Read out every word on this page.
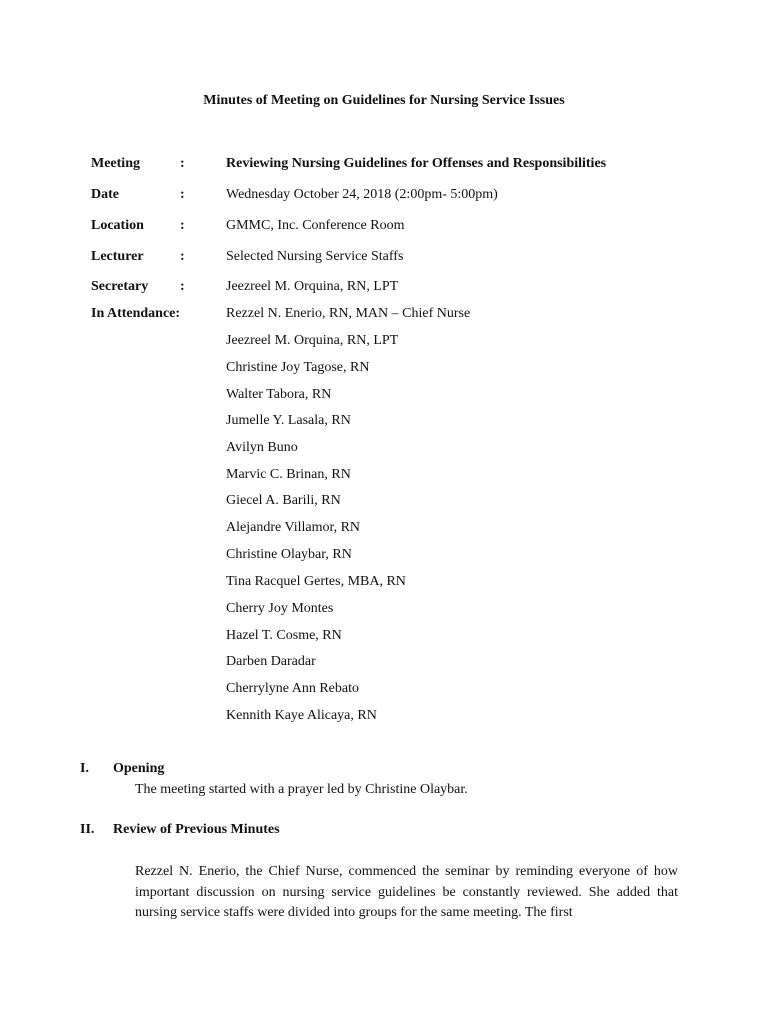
Minutes of Meeting on Guidelines for Nursing Service Issues
Meeting	:	Reviewing Nursing Guidelines for Offenses and Responsibilities
Date	:	Wednesday October 24, 2018 (2:00pm- 5:00pm)
Location	:	GMMC, Inc. Conference Room
Lecturer	:	Selected Nursing Service Staffs
Secretary :	Jeezreel M. Orquina, RN, LPT
In Attendance:	Rezzel N. Enerio, RN, MAN – Chief Nurse
Jeezreel M. Orquina, RN, LPT
Christine Joy Tagose, RN
Walter Tabora, RN
Jumelle Y. Lasala, RN
Avilyn Buno
Marvic C. Brinan, RN
Giecel A. Barili, RN
Alejandre Villamor, RN
Christine Olaybar, RN
Tina Racquel Gertes, MBA, RN
Cherry Joy Montes
Hazel T. Cosme, RN
Darben Daradar
Cherrylyne Ann Rebato
Kennith Kaye Alicaya, RN
I. Opening
The meeting started with a prayer led by Christine Olaybar.
II. Review of Previous Minutes
Rezzel N. Enerio, the Chief Nurse, commenced the seminar by reminding everyone of how important discussion on nursing service guidelines be constantly reviewed. She added that nursing service staffs were divided into groups for the same meeting. The first
